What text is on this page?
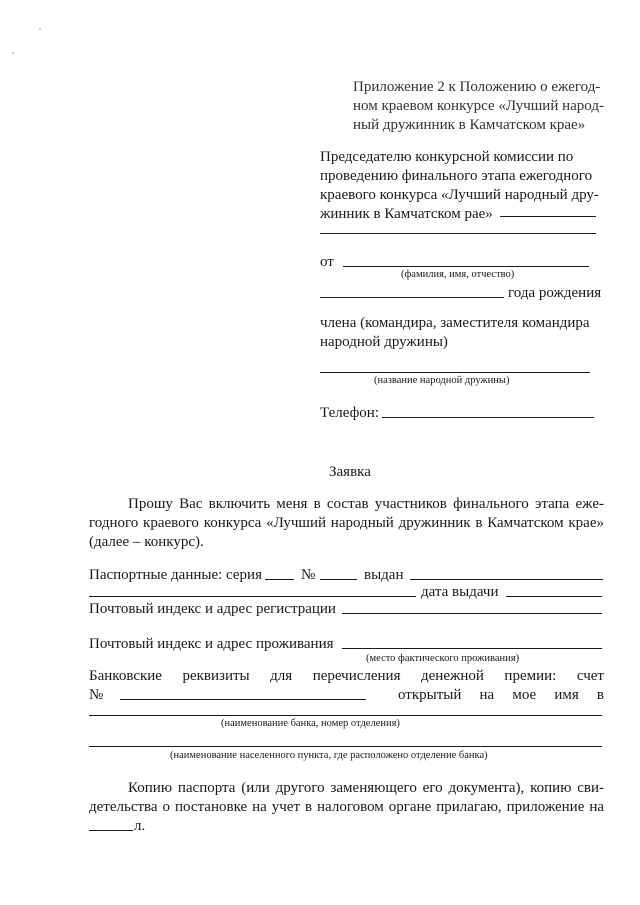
Приложение 2 к Положению о ежегод-
ном краевом конкурсе «Лучший народ-
ный дружинник в Камчатском крае»
Председателю конкурсной комиссии по
проведению финального этапа ежегодного
краевого конкурса «Лучший народный дру-
жинник в Камчатском рае»
от
(фамилия, имя, отчество)
года рождения
члена (командира, заместителя командира
народной дружины)
(название народной дружины)
Телефон:
Заявка
Прошу Вас включить меня в состав участников финального этапа еже-
годного краевого конкурса «Лучший народный дружинник в Камчатском крае»
(далее – конкурс).
Паспортные данные: серия	№	выдан
дата выдачи
Почтовый индекс и адрес регистрации
Почтовый индекс и адрес проживания
(место фактического проживания)
Банковские реквизиты для перечисления денежной премии: счет
№	открытый на мое имя в
(наименование банка, номер отделения)
(наименование населенного пункта, где расположено отделение банка)
Копию паспорта (или другого заменяющего его документа), копию сви-
детельства о постановке на учет в налоговом органе прилагаю, приложение на
л.
